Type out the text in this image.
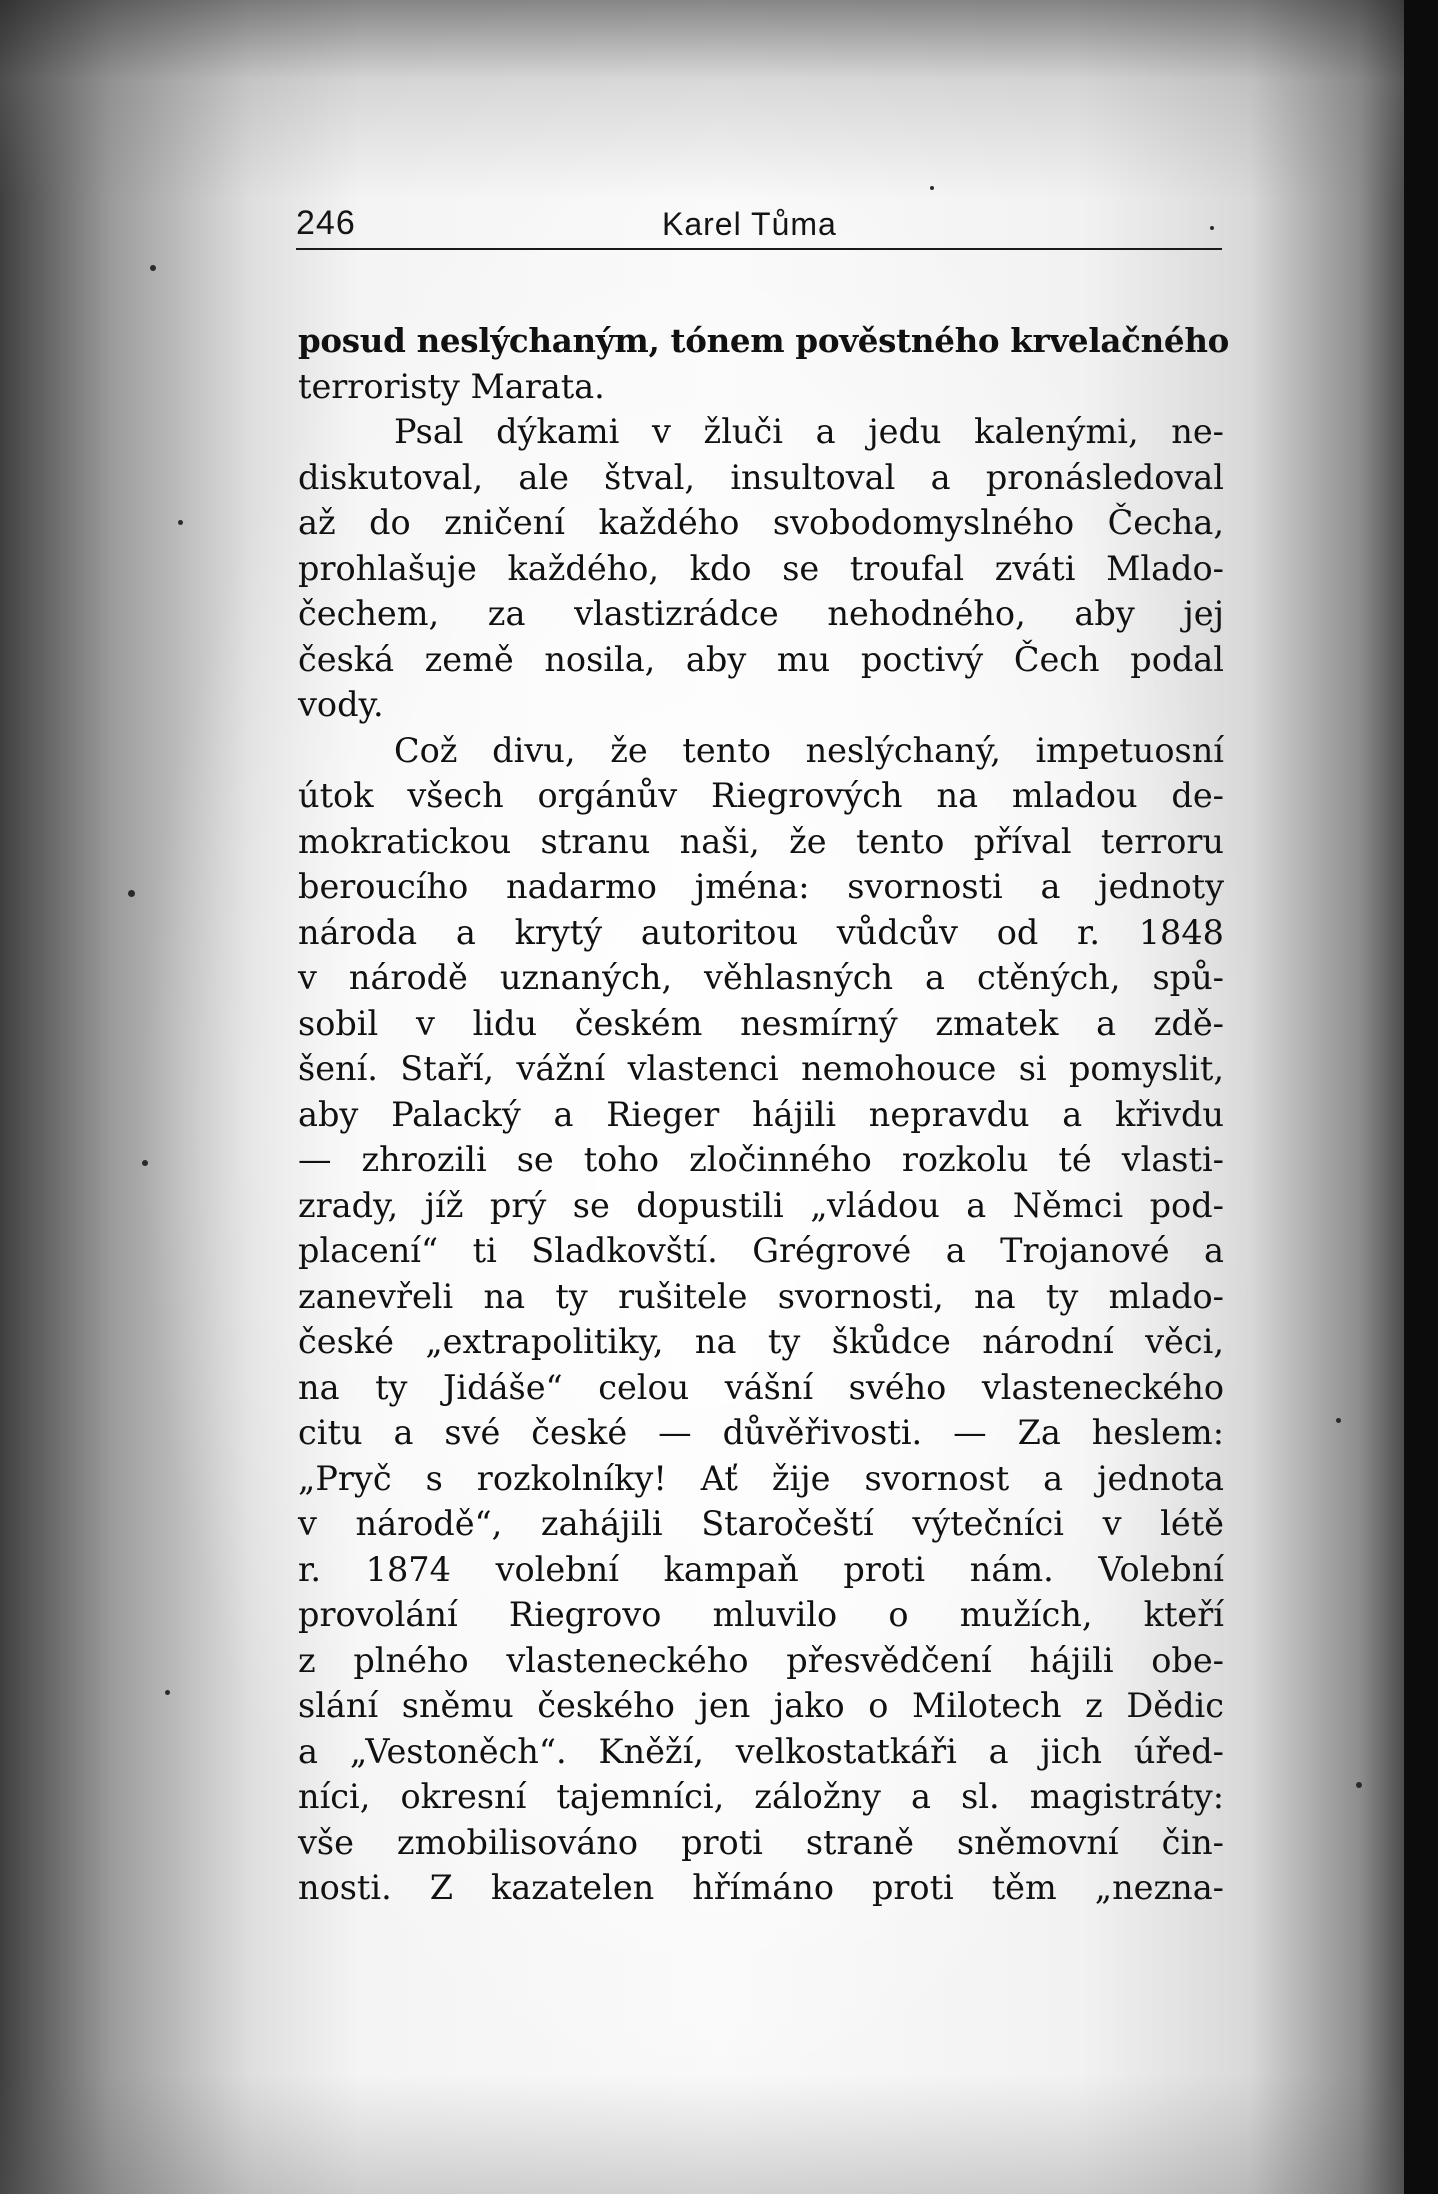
246	Karel Tůma
posud neslýchaným, tónem pověstného krvelačného
terroristy Marata.
Psal dýkami v žluči a jedu kalenými, ne-
diskutoval, ale štval, insultoval a pronásledoval
až do zničení každého svobodomyslného Čecha,
prohlašuje každého, kdo se troufal zváti Mlado-
čechem, za vlastizrádce nehodného, aby jej
česká země nosila, aby mu poctivý Čech podal
vody.
Což divu, že tento neslýchaný, impetuosní
útok všech orgánův Riegrových na mladou de-
mokratickou stranu naši, že tento příval terroru
beroucího nadarmo jména: svornosti a jednoty
národa a krytý autoritou vůdcův od r. 1848
v národě uznaných, věhlasných a ctěných, spů-
sobil v lidu českém nesmírný zmatek a zdě-
šení. Staří, vážní vlastenci nemohouce si pomyslit,
aby Palacký a Rieger hájili nepravdu a křivdu
— zhrozili se toho zločinného rozkolu té vlasti-
zrady, jíž prý se dopustili „vládou a Němci pod-
placení“ ti Sladkovští. Grégrové a Trojanové a
zanevřeli na ty rušitele svornosti, na ty mlado-
české „extrapolitiky, na ty škůdce národní věci,
na ty Jidáše“ celou vášní svého vlasteneckého
citu a své české — důvěřivosti. — Za heslem:
„Pryč s rozkolníky! Ať žije svornost a jednota
v národě“, zahájili Staročeští výtečníci v létě
r. 1874 volební kampaň proti nám. Volební
provolání Riegrovo mluvilo o mužích, kteří
z plného vlasteneckého přesvědčení hájili obe-
slání sněmu českého jen jako o Milotech z Dědic
a „Vestoněch“. Kněží, velkostatkáři a jich úřed-
níci, okresní tajemníci, záložny a sl. magistráty:
vše zmobilisováno proti straně sněmovní čin-
nosti. Z kazatelen hřímáno proti těm „nezna-
